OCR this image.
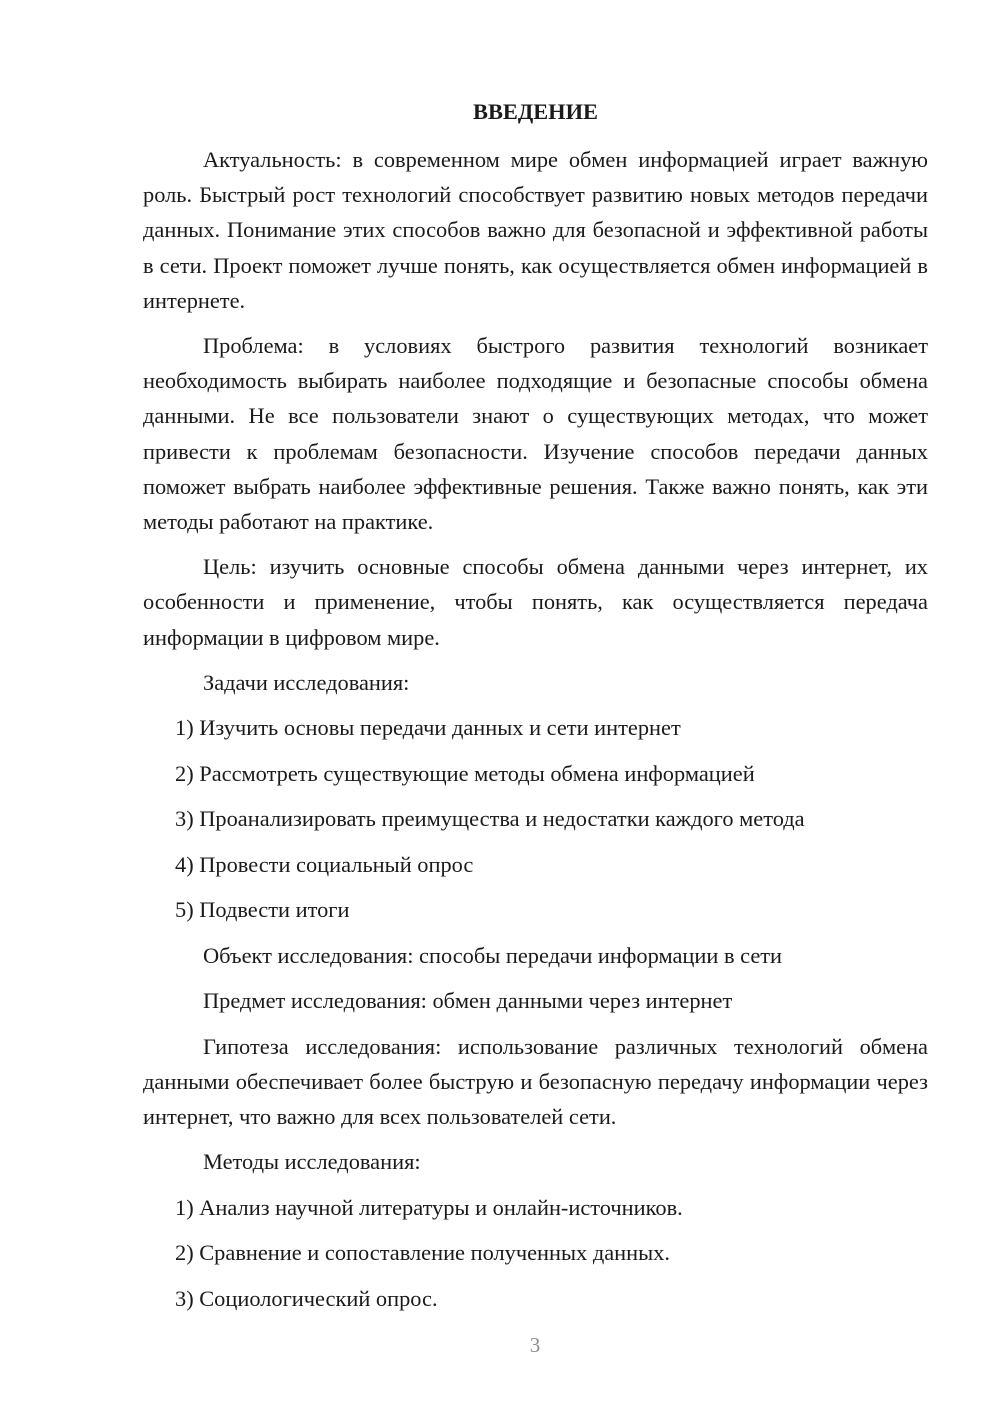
ВВЕДЕНИЕ

Актуальность: в современном мире обмен информацией играет важную роль. Быстрый рост технологий способствует развитию новых методов передачи данных. Понимание этих способов важно для безопасной и эффективной работы в сети. Проект поможет лучше понять, как осуществляется обмен информацией в интернете.

Проблема: в условиях быстрого развития технологий возникает необходимость выбирать наиболее подходящие и безопасные способы обмена данными. Не все пользователи знают о существующих методах, что может привести к проблемам безопасности. Изучение способов передачи данных поможет выбрать наиболее эффективные решения. Также важно понять, как эти методы работают на практике.

Цель: изучить основные способы обмена данными через интернет, их особенности и применение, чтобы понять, как осуществляется передача информации в цифровом мире.

Задачи исследования:
1) Изучить основы передачи данных и сети интернет
2) Рассмотреть существующие методы обмена информацией
3) Проанализировать преимущества и недостатки каждого метода
4) Провести социальный опрос
5) Подвести итоги
Объект исследования: способы передачи информации в сети
Предмет исследования: обмен данными через интернет

Гипотеза исследования: использование различных технологий обмена данными обеспечивает более быструю и безопасную передачу информации через интернет, что важно для всех пользователей сети.

Методы исследования:
1) Анализ научной литературы и онлайн-источников.
2) Сравнение и сопоставление полученных данных.
3) Социологический опрос.
3
